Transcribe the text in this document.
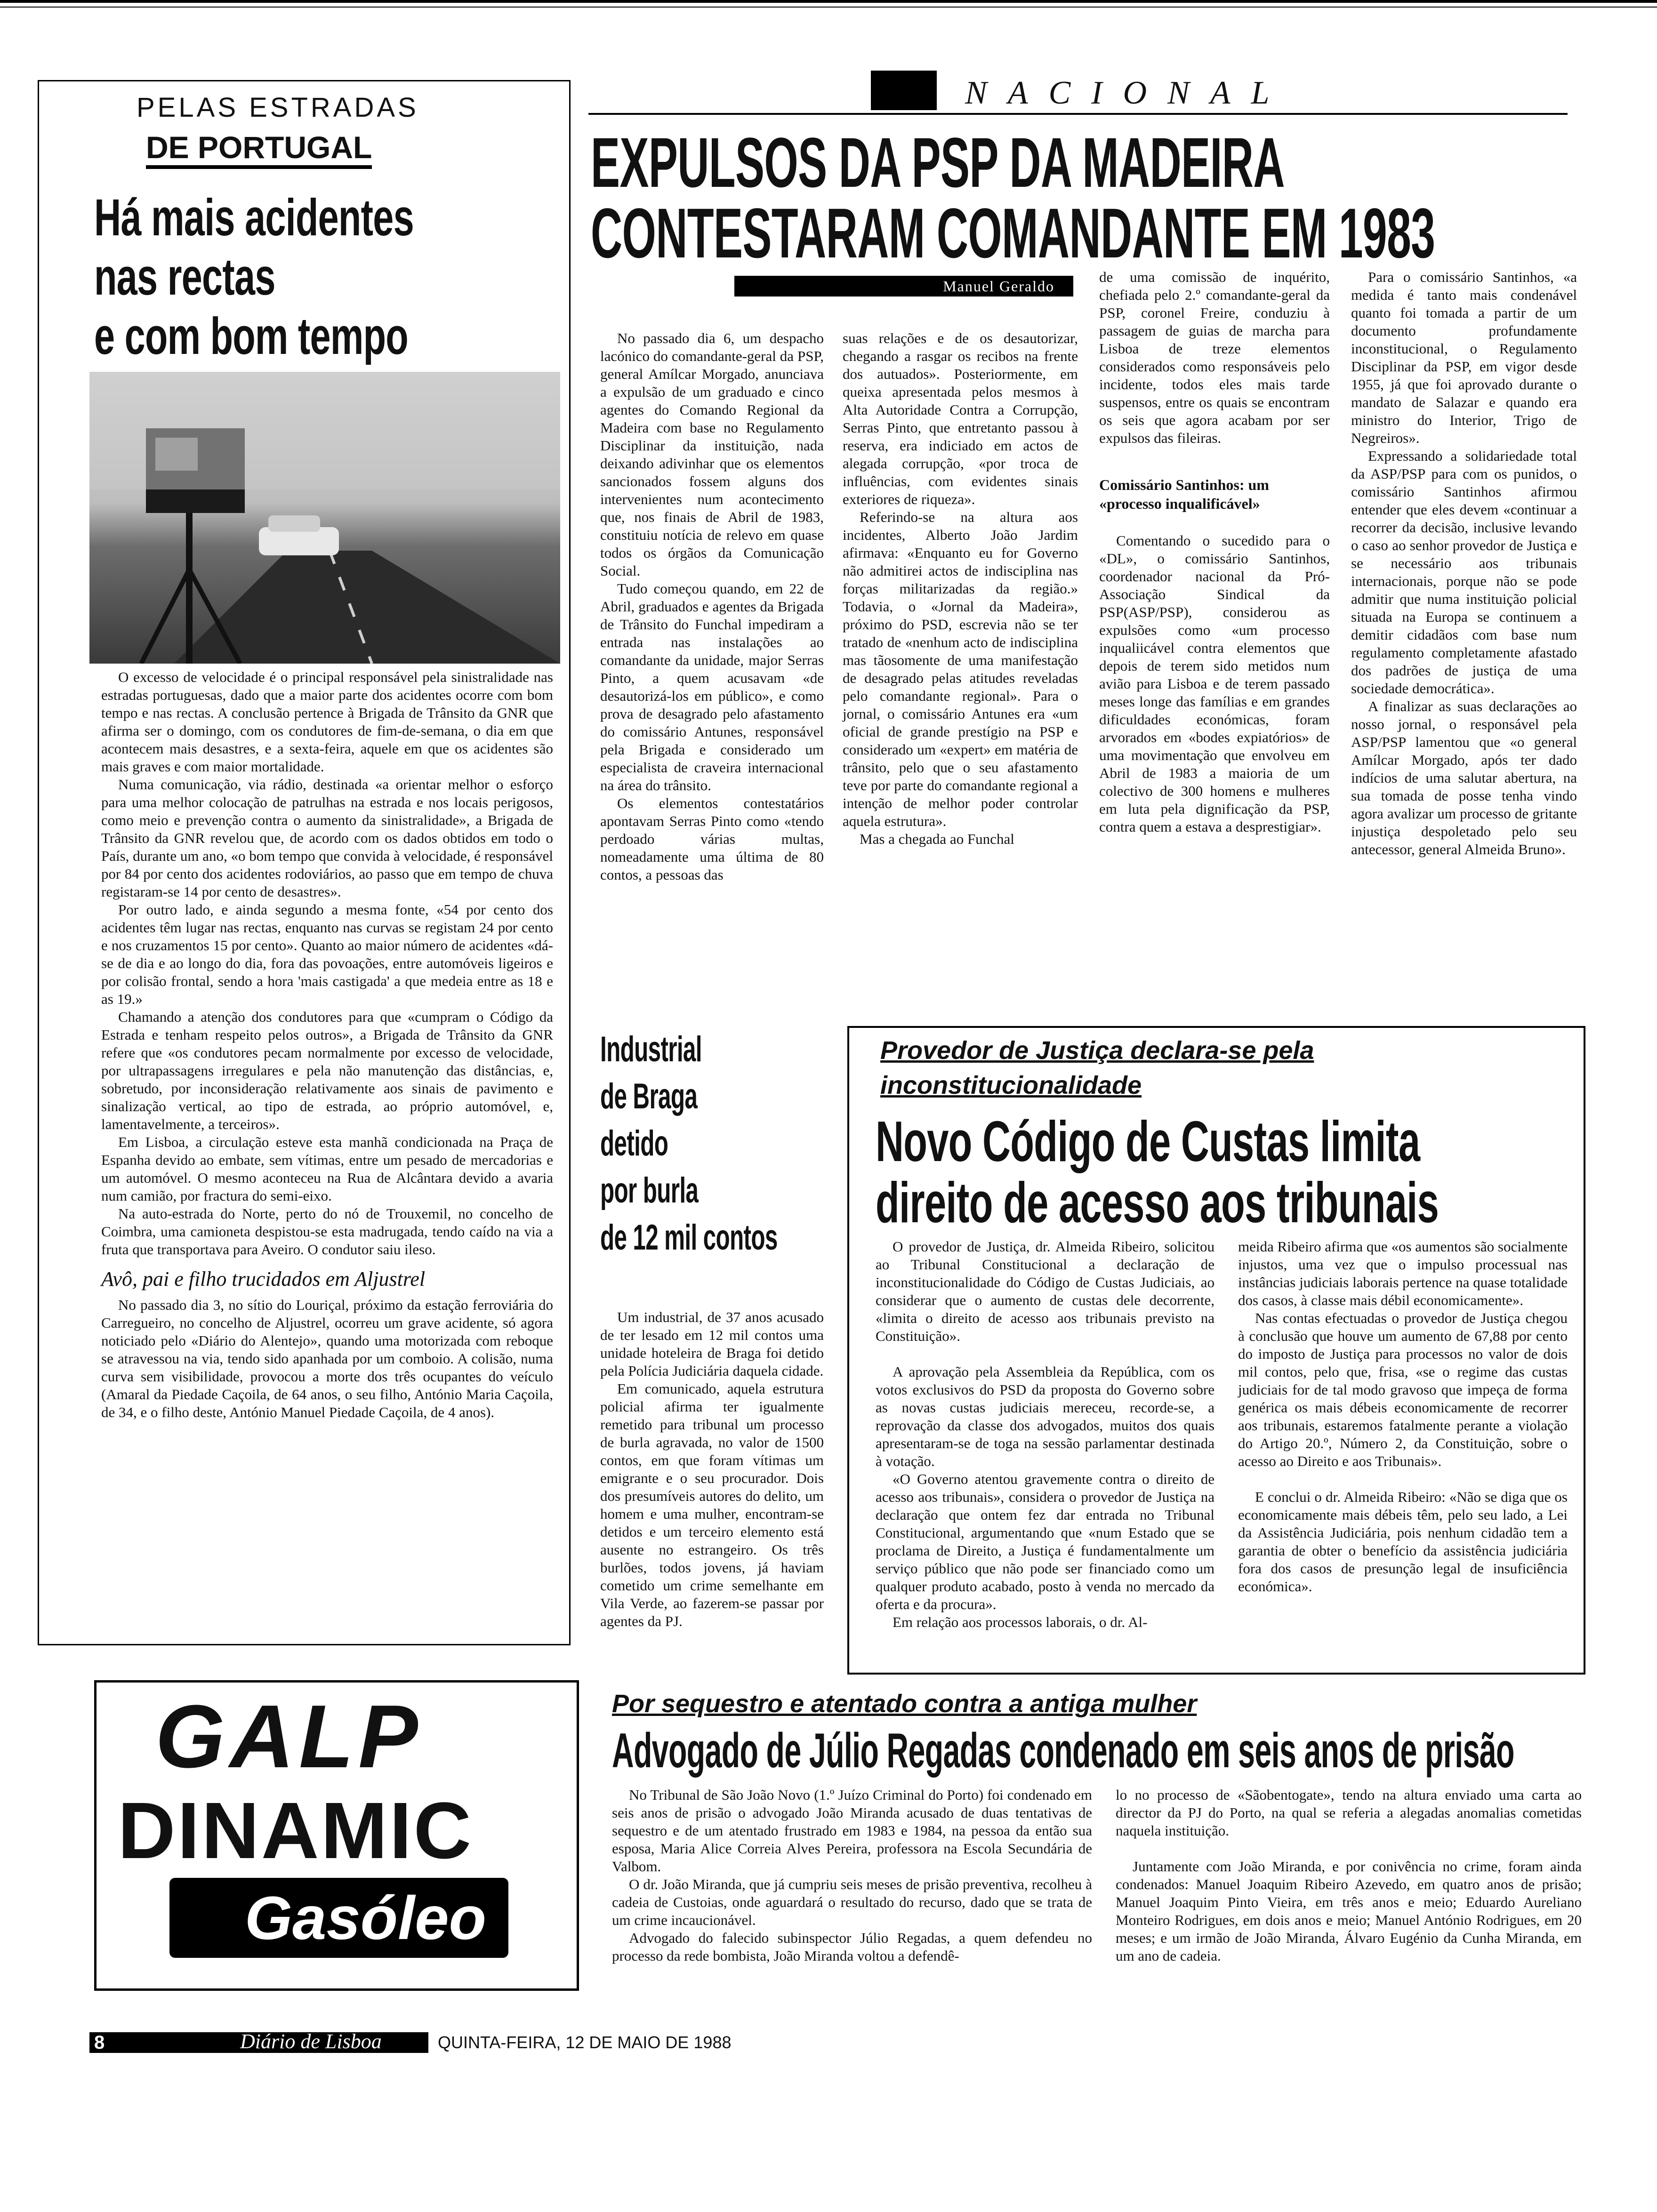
NACIONAL
PELAS ESTRADAS
DE PORTUGAL
Há mais acidentes
nas rectas
e com bom tempo

O excesso de velocidade é o principal responsável pela sinistralidade nas estradas portuguesas, dado que a maior parte dos acidentes ocorre com bom tempo e nas rectas. A conclusão pertence à Brigada de Trânsito da GNR que afirma ser o domingo, com os condutores de fim-de-semana, o dia em que acontecem mais desastres, e a sexta-feira, aquele em que os acidentes são mais graves e com maior mortalidade.

Numa comunicação, via rádio, destinada «a orientar melhor o esforço para uma melhor colocação de patrulhas na estrada e nos locais perigosos, como meio e prevenção contra o aumento da sinistralidade», a Brigada de Trânsito da GNR revelou que, de acordo com os dados obtidos em todo o País, durante um ano, «o bom tempo que convida à velocidade, é responsável por 84 por cento dos acidentes rodoviários, ao passo que em tempo de chuva registaram-se 14 por cento de desastres».

Por outro lado, e ainda segundo a mesma fonte, «54 por cento dos acidentes têm lugar nas rectas, enquanto nas curvas se registam 24 por cento e nos cruzamentos 15 por cento». Quanto ao maior número de acidentes «dá-se de dia e ao longo do dia, fora das povoações, entre automóveis ligeiros e por colisão frontal, sendo a hora 'mais castigada' a que medeia entre as 18 e as 19.»

Chamando a atenção dos condutores para que «cumpram o Código da Estrada e tenham respeito pelos outros», a Brigada de Trânsito da GNR refere que «os condutores pecam normalmente por excesso de velocidade, por ultrapassagens irregulares e pela não manutenção das distâncias, e, sobretudo, por inconsideração relativamente aos sinais de pavimento e sinalização vertical, ao tipo de estrada, ao próprio automóvel, e, lamentavelmente, a terceiros».

Em Lisboa, a circulação esteve esta manhã condicionada na Praça de Espanha devido ao embate, sem vítimas, entre um pesado de mercadorias e um automóvel. O mesmo aconteceu na Rua de Alcântara devido a avaria num camião, por fractura do semi-eixo.

Na auto-estrada do Norte, perto do nó de Trouxemil, no concelho de Coimbra, uma camioneta despistou-se esta madrugada, tendo caído na via a fruta que transportava para Aveiro. O condutor saiu ileso.

Avô, pai e filho trucidados em Aljustrel

No passado dia 3, no sítio do Louriçal, próximo da estação ferroviária do Carregueiro, no concelho de Aljustrel, ocorreu um grave acidente, só agora noticiado pelo «Diário do Alentejo», quando uma motorizada com reboque se atravessou na via, tendo sido apanhada por um comboio. A colisão, numa curva sem visibilidade, provocou a morte dos três ocupantes do veículo (Amaral da Piedade Caçoila, de 64 anos, o seu filho, António Maria Caçoila, de 34, e o filho deste, António Manuel Piedade Caçoila, de 4 anos).

EXPULSOS DA PSP DA MADEIRA
CONTESTARAM COMANDANTE EM 1983
Manuel Geraldo

No passado dia 6, um despacho lacónico do comandante-geral da PSP, general Amílcar Morgado, anunciava a expulsão de um graduado e cinco agentes do Comando Regional da Madeira com base no Regulamento Disciplinar da instituição, nada deixando adivinhar que os elementos sancionados fossem alguns dos intervenientes num acontecimento que, nos finais de Abril de 1983, constituiu notícia de relevo em quase todos os órgãos da Comunicação Social.

Tudo começou quando, em 22 de Abril, graduados e agentes da Brigada de Trânsito do Funchal impediram a entrada nas instalações ao comandante da unidade, major Serras Pinto, a quem acusavam «de desautorizá-los em público», e como prova de desagrado pelo afastamento do comissário Antunes, responsável pela Brigada e considerado um especialista de craveira internacional na área do trânsito.

Os elementos contestatários apontavam Serras Pinto como «tendo perdoado várias multas, nomeadamente uma última de 80 contos, a pessoas das

suas relações e de os desautorizar, chegando a rasgar os recibos na frente dos autuados». Posteriormente, em queixa apresentada pelos mesmos à Alta Autoridade Contra a Corrupção, Serras Pinto, que entretanto passou à reserva, era indiciado em actos de alegada corrupção, «por troca de influências, com evidentes sinais exteriores de riqueza».

Referindo-se na altura aos incidentes, Alberto João Jardim afirmava: «Enquanto eu for Governo não admitirei actos de indisciplina nas forças militarizadas da região.» Todavia, o «Jornal da Madeira», próximo do PSD, escrevia não se ter tratado de «nenhum acto de indisciplina mas tãosomente de uma manifestação de desagrado pelas atitudes reveladas pelo comandante regional». Para o jornal, o comissário Antunes era «um oficial de grande prestígio na PSP e considerado um «expert» em matéria de trânsito, pelo que o seu afastamento teve por parte do comandante regional a intenção de melhor poder controlar aquela estrutura».

Mas a chegada ao Funchal

de uma comissão de inquérito, chefiada pelo 2.º comandante-geral da PSP, coronel Freire, conduziu à passagem de guias de marcha para Lisboa de treze elementos considerados como responsáveis pelo incidente, todos eles mais tarde suspensos, entre os quais se encontram os seis que agora acabam por ser expulsos das fileiras.

Comissário Santinhos: um «processo inqualificável»

Comentando o sucedido para o «DL», o comissário Santinhos, coordenador nacional da Pró-Associação Sindical da PSP(ASP/PSP), considerou as expulsões como «um processo inqualiicável contra elementos que depois de terem sido metidos num avião para Lisboa e de terem passado meses longe das famílias e em grandes dificuldades económicas, foram arvorados em «bodes expiatórios» de uma movimentação que envolveu em Abril de 1983 a maioria de um colectivo de 300 homens e mulheres em luta pela dignificação da PSP, contra quem a estava a desprestigiar».

Para o comissário Santinhos, «a medida é tanto mais condenável quanto foi tomada a partir de um documento profundamente inconstitucional, o Regulamento Disciplinar da PSP, em vigor desde 1955, já que foi aprovado durante o mandato de Salazar e quando era ministro do Interior, Trigo de Negreiros».

Expressando a solidariedade total da ASP/PSP para com os punidos, o comissário Santinhos afirmou entender que eles devem «continuar a recorrer da decisão, inclusive levando o caso ao senhor provedor de Justiça e se necessário aos tribunais internacionais, porque não se pode admitir que numa instituição policial situada na Europa se continuem a demitir cidadãos com base num regulamento completamente afastado dos padrões de justiça de uma sociedade democrática».

A finalizar as suas declarações ao nosso jornal, o responsável pela ASP/PSP lamentou que «o general Amílcar Morgado, após ter dado indícios de uma salutar abertura, na sua tomada de posse tenha vindo agora avalizar um processo de gritante injustiça despoletado pelo seu antecessor, general Almeida Bruno».

Industrial
de Braga
detido
por burla
de 12 mil contos

Um industrial, de 37 anos acusado de ter lesado em 12 mil contos uma unidade hoteleira de Braga foi detido pela Polícia Judiciária daquela cidade.

Em comunicado, aquela estrutura policial afirma ter igualmente remetido para tribunal um processo de burla agravada, no valor de 1500 contos, em que foram vítimas um emigrante e o seu procurador. Dois dos presumíveis autores do delito, um homem e uma mulher, encontram-se detidos e um terceiro elemento está ausente no estrangeiro. Os três burlões, todos jovens, já haviam cometido um crime semelhante em Vila Verde, ao fazerem-se passar por agentes da PJ.

Provedor de Justiça declara-se pela
inconstitucionalidade
Novo Código de Custas limita
direito de acesso aos tribunais

O provedor de Justiça, dr. Almeida Ribeiro, solicitou ao Tribunal Constitucional a declaração de inconstitucionalidade do Código de Custas Judiciais, ao considerar que o aumento de custas dele decorrente, «limita o direito de acesso aos tribunais previsto na Constituição».

A aprovação pela Assembleia da República, com os votos exclusivos do PSD da proposta do Governo sobre as novas custas judiciais mereceu, recorde-se, a reprovação da classe dos advogados, muitos dos quais apresentaram-se de toga na sessão parlamentar destinada à votação.

«O Governo atentou gravemente contra o direito de acesso aos tribunais», considera o provedor de Justiça na declaração que ontem fez dar entrada no Tribunal Constitucional, argumentando que «num Estado que se proclama de Direito, a Justiça é fundamentalmente um serviço público que não pode ser financiado como um qualquer produto acabado, posto à venda no mercado da oferta e da procura».

Em relação aos processos laborais, o dr. Al-

meida Ribeiro afirma que «os aumentos são socialmente injustos, uma vez que o impulso processual nas instâncias judiciais laborais pertence na quase totalidade dos casos, à classe mais débil economicamente».

Nas contas efectuadas o provedor de Justiça chegou à conclusão que houve um aumento de 67,88 por cento do imposto de Justiça para processos no valor de dois mil contos, pelo que, frisa, «se o regime das custas judiciais for de tal modo gravoso que impeça de forma genérica os mais débeis economicamente de recorrer aos tribunais, estaremos fatalmente perante a violação do Artigo 20.º, Número 2, da Constituição, sobre o acesso ao Direito e aos Tribunais».

E conclui o dr. Almeida Ribeiro: «Não se diga que os economicamente mais débeis têm, pelo seu lado, a Lei da Assistência Judiciária, pois nenhum cidadão tem a garantia de obter o benefício da assistência judiciária fora dos casos de presunção legal de insuficiência económica».

GALP
DINAMIC
Gasóleo
Por sequestro e atentado contra a antiga mulher
Advogado de Júlio Regadas condenado em seis anos de prisão

No Tribunal de São João Novo (1.º Juízo Criminal do Porto) foi condenado em seis anos de prisão o advogado João Miranda acusado de duas tentativas de sequestro e de um atentado frustrado em 1983 e 1984, na pessoa da então sua esposa, Maria Alice Correia Alves Pereira, professora na Escola Secundária de Valbom.

O dr. João Miranda, que já cumpriu seis meses de prisão preventiva, recolheu à cadeia de Custoias, onde aguardará o resultado do recurso, dado que se trata de um crime incaucionável.

Advogado do falecido subinspector Júlio Regadas, a quem defendeu no processo da rede bombista, João Miranda voltou a defendê-

lo no processo de «Sãobentogate», tendo na altura enviado uma carta ao director da PJ do Porto, na qual se referia a alegadas anomalias cometidas naquela instituição.

Juntamente com João Miranda, e por conivência no crime, foram ainda condenados: Manuel Joaquim Ribeiro Azevedo, em quatro anos de prisão; Manuel Joaquim Pinto Vieira, em três anos e meio; Eduardo Aureliano Monteiro Rodrigues, em dois anos e meio; Manuel António Rodrigues, em 20 meses; e um irmão de João Miranda, Álvaro Eugénio da Cunha Miranda, em um ano de cadeia.

8	Diário de Lisboa	QUINTA-FEIRA, 12 DE MAIO DE 1988
